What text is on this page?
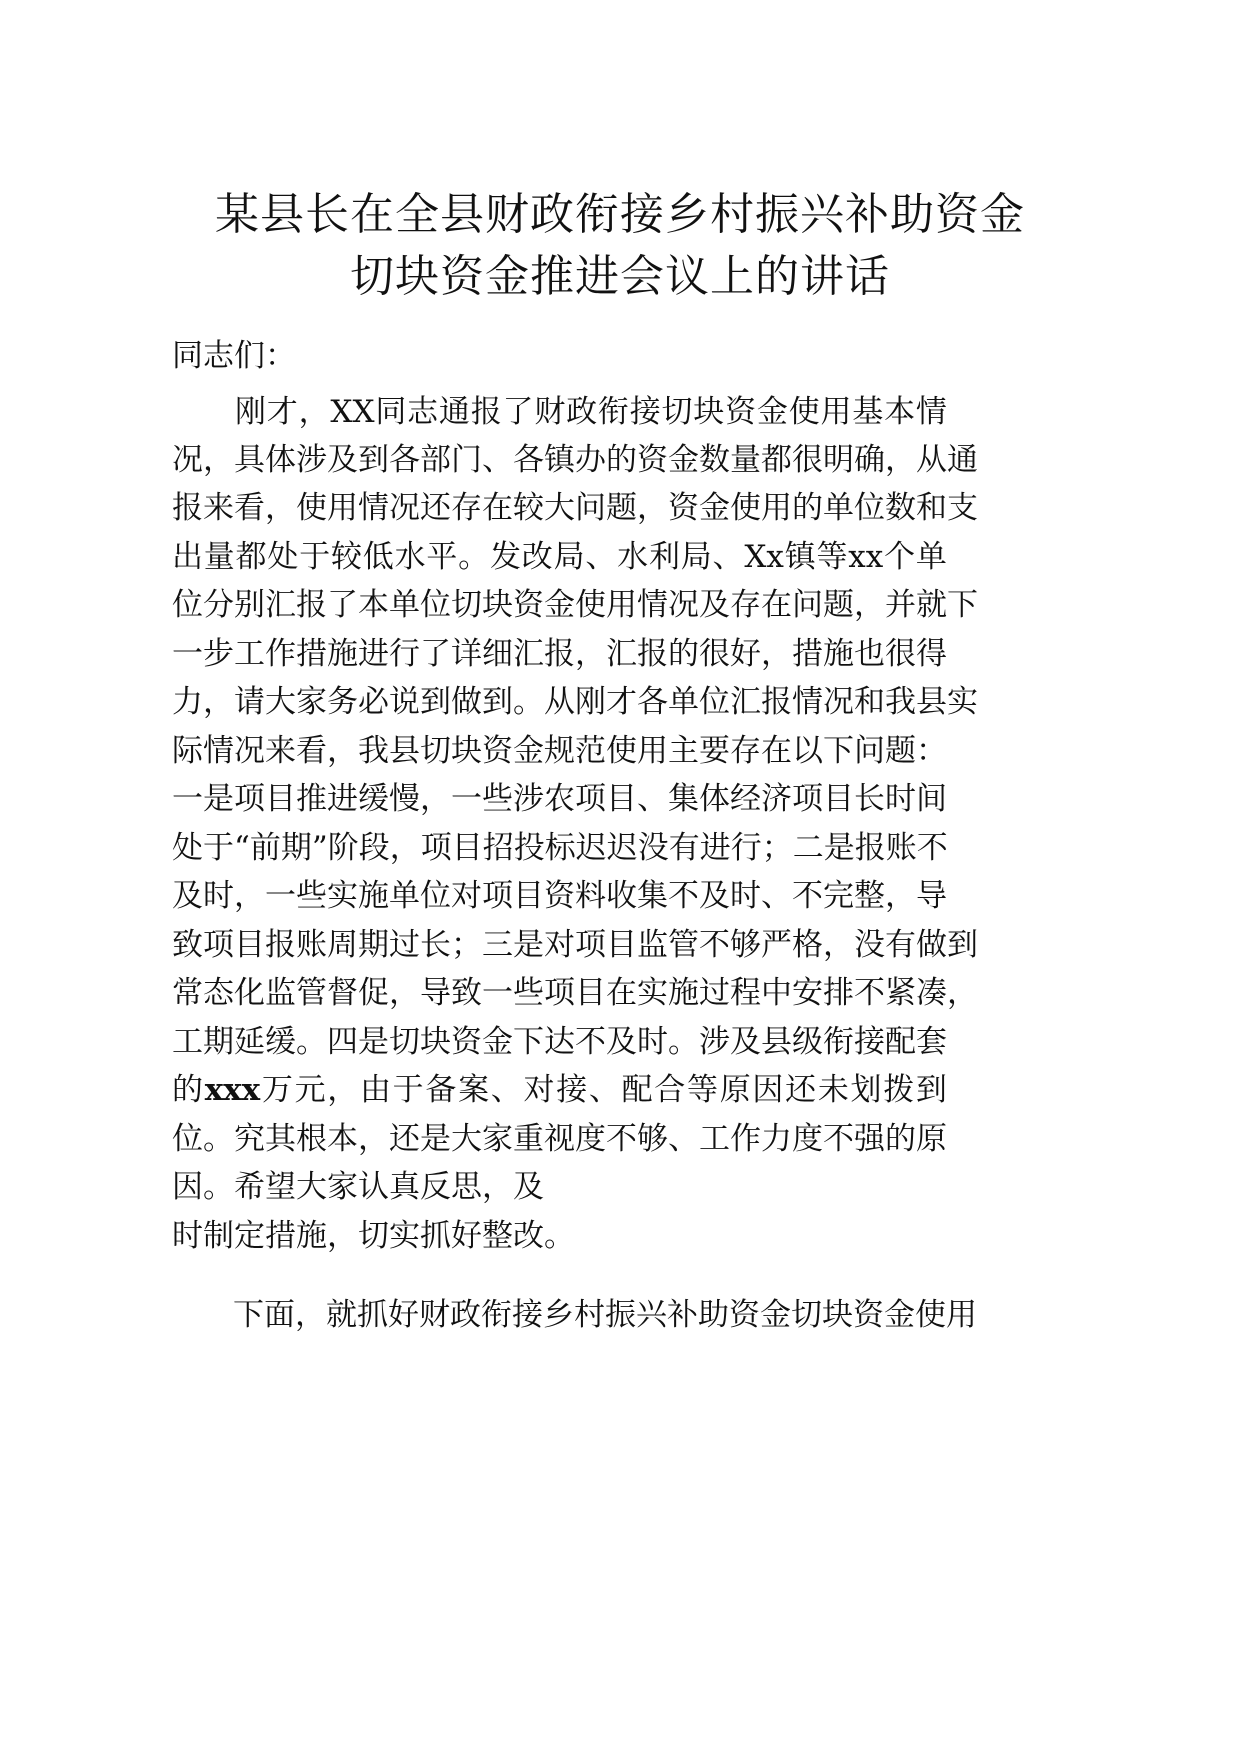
某县长在全县财政衔接乡村振兴补助资金
切块资金推进会议上的讲话
同志们：
刚 才 ， XX 同 志 通 报 了 财 政 衔 接 切 块 资 金 使 用 基 本 情
况 ， 具 体 涉 及 到 各 部 门 、 各 镇 办 的 资 金 数 量 都 很 明 确 ， 从 通
报 来 看 ， 使 用 情 况 还 存 在 较 大 问 题 ， 资 金 使 用 的 单 位 数 和 支
出 量 都 处 于 较 低 水 平 。 发 改 局 、 水 利 局 、 Xx 镇 等 xx 个 单
位 分 别 汇 报 了 本 单 位 切 块 资 金 使 用 情 况 及 存 在 问 题 ， 并 就 下
一 步 工 作 措 施 进 行 了 详 细 汇 报 ， 汇 报 的 很 好 ， 措 施 也 很 得
力 ， 请 大 家 务 必 说 到 做 到 。 从 刚 才 各 单 位 汇 报 情 况 和 我 县 实
际 情 况 来 看 ， 我 县 切 块 资 金 规 范 使 用 主 要 存 在 以 下 问 题 ：
一 是 项 目 推 进 缓 慢 ， 一 些 涉 农 项 目 、 集 体 经 济 项 目 长 时 间
处 于 “ 前 期 ” 阶 段 ， 项 目 招 投 标 迟 迟 没 有 进 行 ； 二 是 报 账 不
及 时 ， 一 些 实 施 单 位 对 项 目 资 料 收 集 不 及 时 、 不 完 整 ， 导
致 项 目 报 账 周 期 过 长 ； 三 是 对 项 目 监 管 不 够 严 格 ， 没 有 做 到
常 态 化 监 管 督 促 ， 导 致 一 些 项 目 在 实 施 过 程 中 安 排 不 紧 凑 ，
工 期 延 缓 。 四 是 切 块 资 金 下 达 不 及 时 。 涉 及 县 级 衔 接 配 套
的 xxx 万 元 ， 由 于 备 案 、 对 接 、 配 合 等 原 因 还 未 划 拨 到
位 。 究 其 根 本 ， 还 是 大 家 重 视 度 不 够 、 工 作 力 度 不 强 的 原
因。希望大家认真反思，及
时制定措施，切实抓好整改。
下面，就抓好财政衔接乡村振兴补助资金切块资金使用
